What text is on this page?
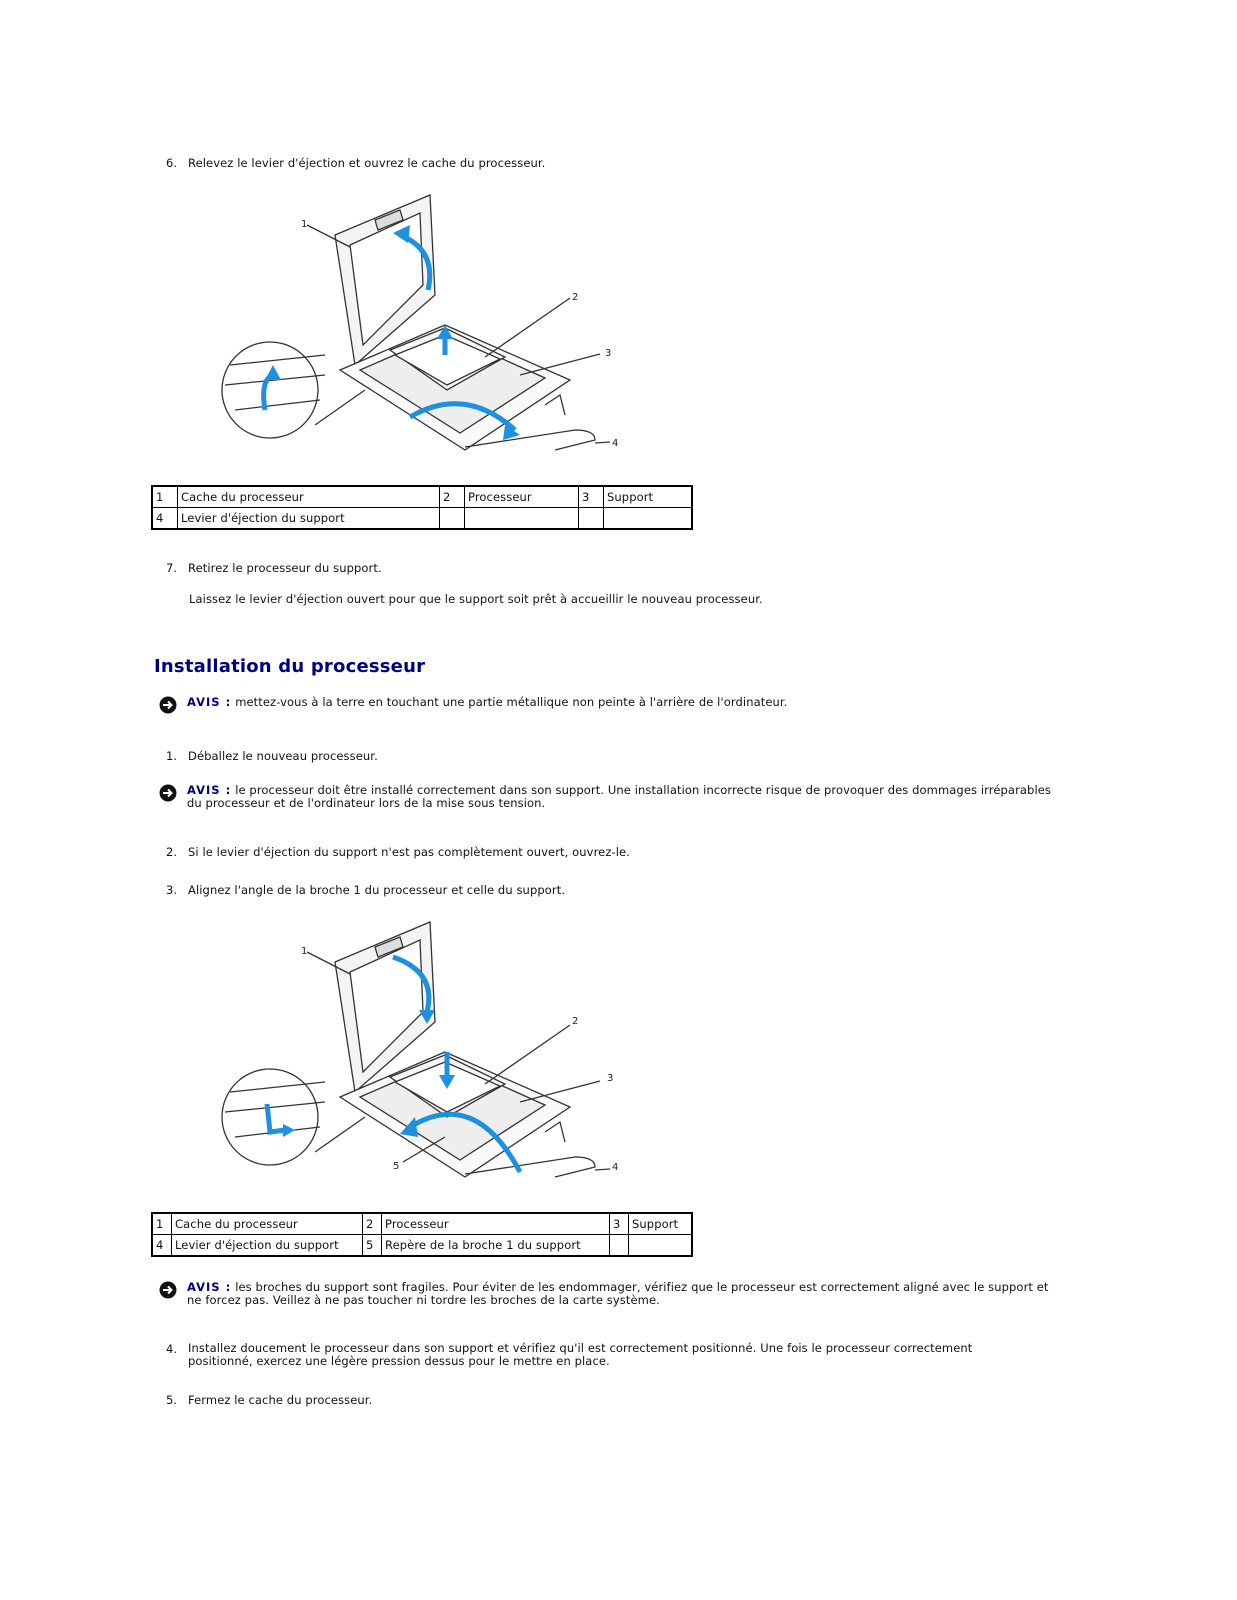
6. Relevez le levier d'éjection et ouvrez le cache du processeur.
1
2
3
4
1	Cache du processeur	2	Processeur	3	Support
4	Levier d'éjection du support				
7. Retirez le processeur du support.
Laissez le levier d'éjection ouvert pour que le support soit prêt à accueillir le nouveau processeur.
Installation du processeur
AVIS : mettez-vous à la terre en touchant une partie métallique non peinte à l'arrière de l'ordinateur.
1. Déballez le nouveau processeur.
AVIS : le processeur doit être installé correctement dans son support. Une installation incorrecte risque de provoquer des dommages irréparables du processeur et de l'ordinateur lors de la mise sous tension.
2. Si le levier d'éjection du support n'est pas complètement ouvert, ouvrez-le.
3. Alignez l'angle de la broche 1 du processeur et celle du support.
1
2
3
4
5
1	Cache du processeur	2	Processeur	3	Support
4	Levier d'éjection du support	5	Repère de la broche 1 du support		
AVIS : les broches du support sont fragiles. Pour éviter de les endommager, vérifiez que le processeur est correctement aligné avec le support et ne forcez pas. Veillez à ne pas toucher ni tordre les broches de la carte système.
4. Installez doucement le processeur dans son support et vérifiez qu'il est correctement positionné. Une fois le processeur correctement positionné, exercez une légère pression dessus pour le mettre en place.
5. Fermez le cache du processeur.
